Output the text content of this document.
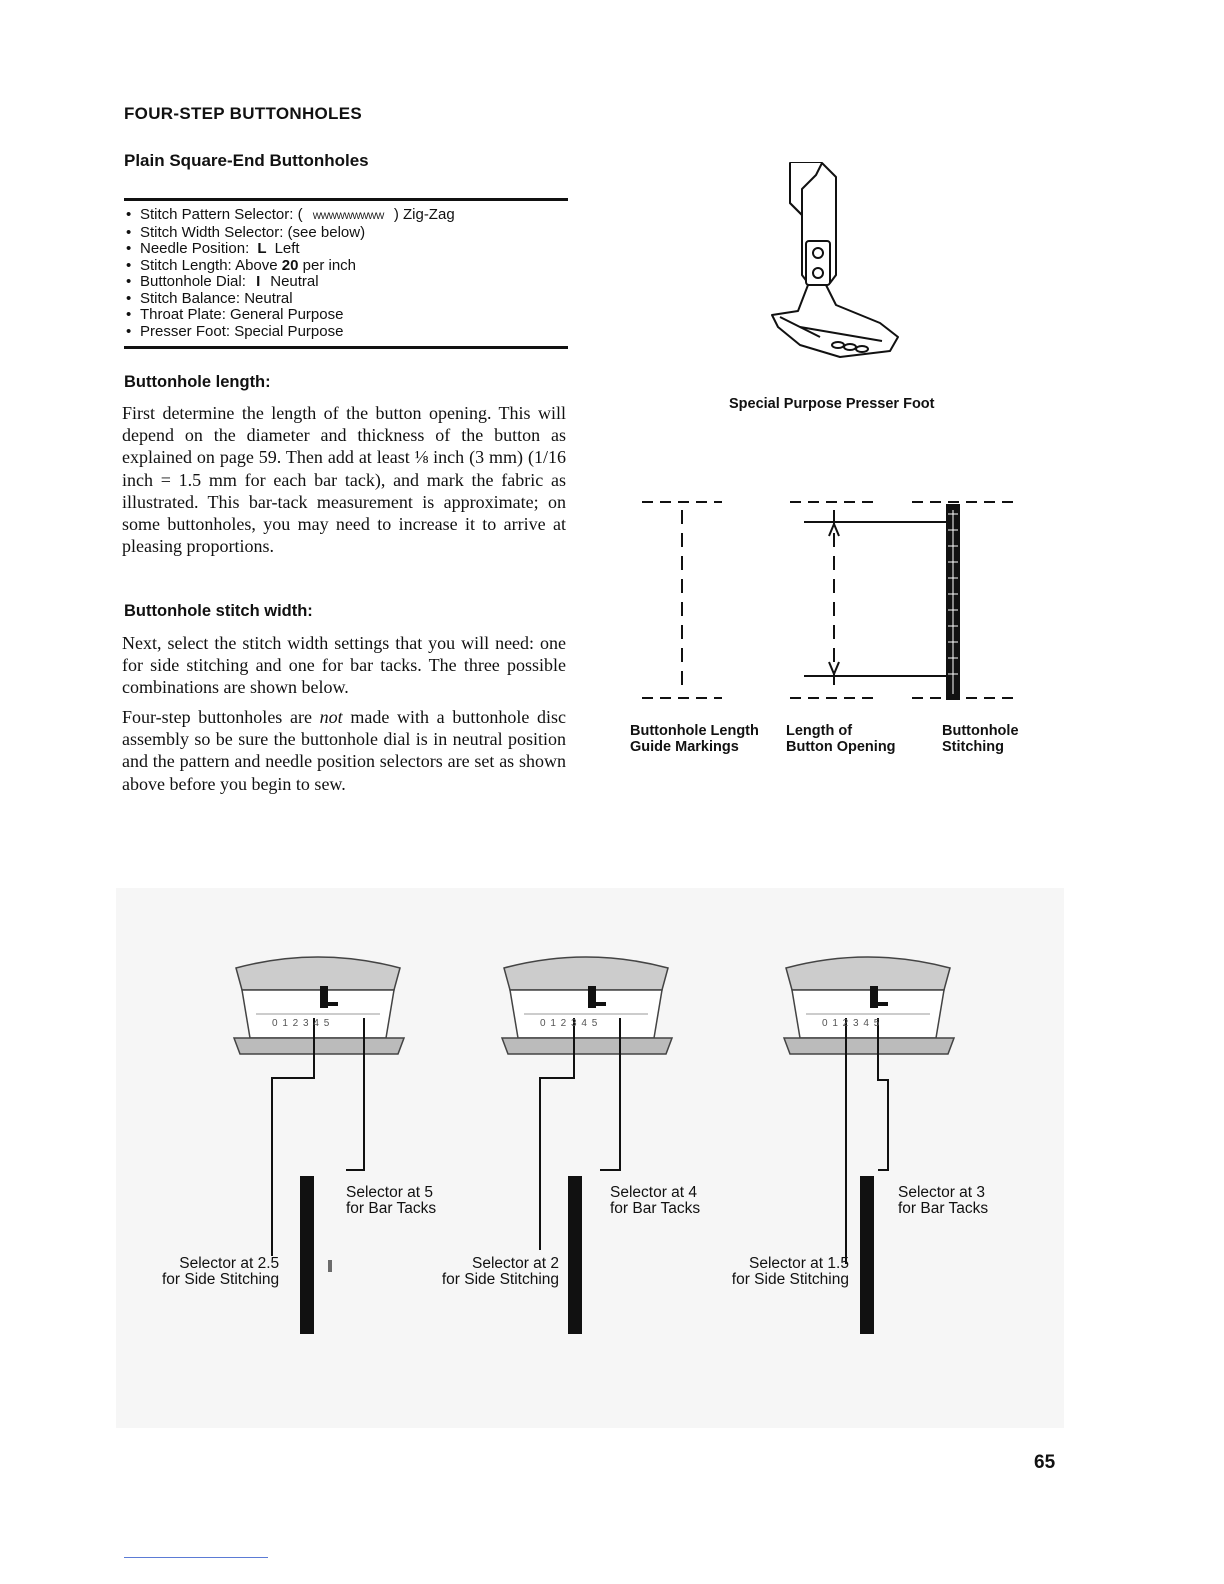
FOUR-STEP BUTTONHOLES
Plain Square-End Buttonholes
• Stitch Pattern Selector: ( WWWWWWWWW ) Zig-Zag
• Stitch Width Selector: (see below)
• Needle Position: L Left
• Stitch Length: Above 20 per inch
• Buttonhole Dial: I Neutral
• Stitch Balance: Neutral
• Throat Plate: General Purpose
• Presser Foot: Special Purpose
Buttonhole length:
First determine the length of the button opening. This will depend on the diameter and thickness of the button as explained on page 59. Then add at least ⅛ inch (3 mm) (1/16 inch = 1.5 mm for each bar tack), and mark the fabric as illustrated. This bar-tack measurement is approximate; on some buttonholes, you may need to increase it to arrive at pleasing proportions.
Buttonhole stitch width:
Next, select the stitch width settings that you will need: one for side stitching and one for bar tacks. The three possible combinations are shown below.
Four-step buttonholes are not made with a buttonhole disc assembly so be sure the buttonhole dial is in neutral position and the pattern and needle position selectors are set as shown above before you begin to sew.
Special Purpose Presser Foot
Buttonhole Length
Guide Markings
Length of
Button Opening
Buttonhole
Stitching
0 1 2 3 4 5
Selector at 5
for Bar Tacks
Selector at 2.5
for Side Stitching
0 1 2 3 4 5
Selector at 4
for Bar Tacks
Selector at 2
for Side Stitching
0 1 2 3 4 5
Selector at 3
for Bar Tacks
Selector at 1.5
for Side Stitching
65
